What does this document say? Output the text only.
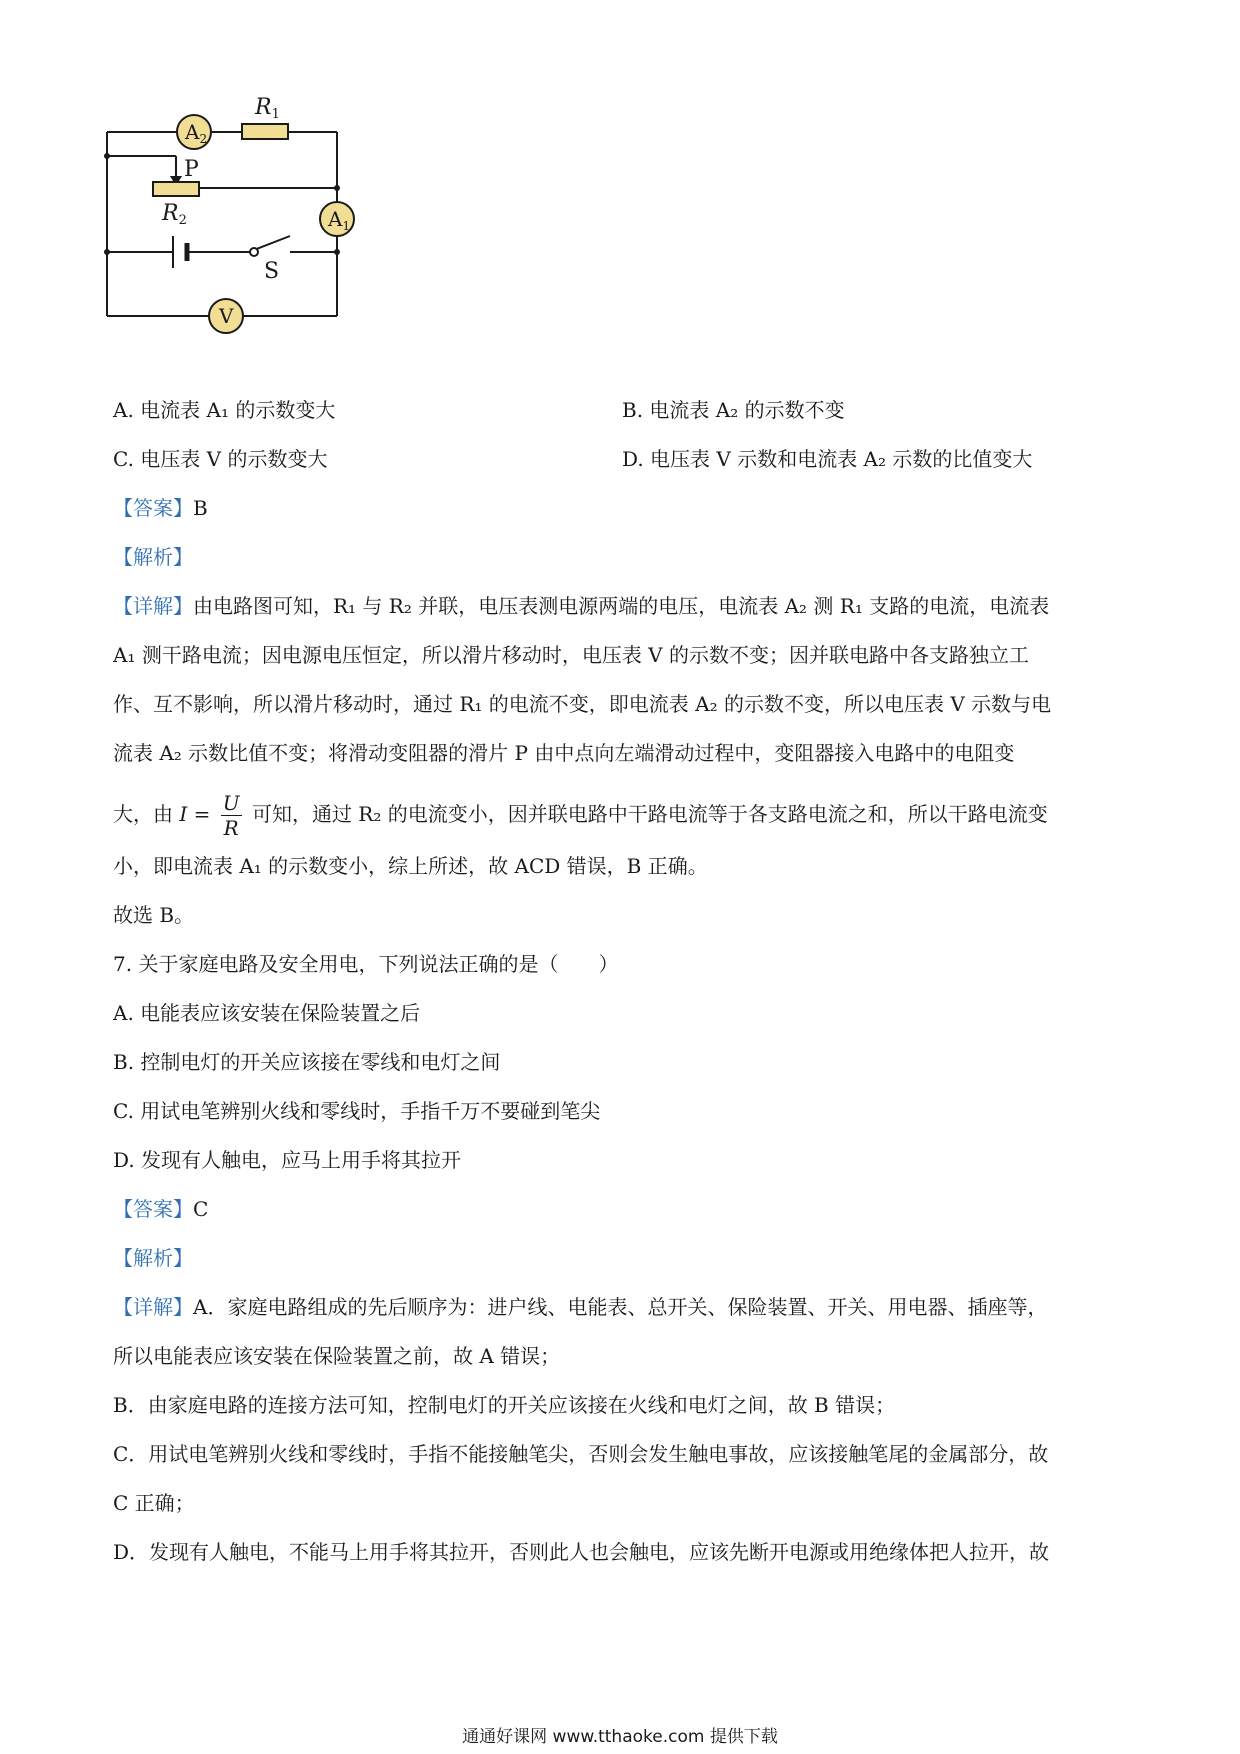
$A_2$
$A_1$
V
R1
R2
P
S
A. 电流表 A₁ 的示数变大	B. 电流表 A₂ 的示数不变
C. 电压表 V 的示数变大	D. 电压表 V 示数和电流表 A₂ 示数的比值变大
【答案】B
【解析】
【详解】由电路图可知，R₁ 与 R₂ 并联，电压表测电源两端的电压，电流表 A₂ 测 R₁ 支路的电流，电流表
A₁ 测干路电流；因电源电压恒定，所以滑片移动时，电压表 V 的示数不变；因并联电路中各支路独立工
作、互不影响，所以滑片移动时，通过 R₁ 的电流不变，即电流表 A₂ 的示数不变，所以电压表 V 示数与电
流表 A₂ 示数比值不变；将滑动变阻器的滑片 P 由中点向左端滑动过程中，变阻器接入电路中的电阻变
大，由 $I = \frac{U}{R}$ 可知，通过 R₂ 的电流变小，因并联电路中干路电流等于各支路电流之和，所以干路电流变
小，即电流表 A₁ 的示数变小，综上所述，故 ACD 错误，B 正确。
故选 B。
7. 关于家庭电路及安全用电，下列说法正确的是（　　）
A. 电能表应该安装在保险装置之后
B. 控制电灯的开关应该接在零线和电灯之间
C. 用试电笔辨别火线和零线时，手指千万不要碰到笔尖
D. 发现有人触电，应马上用手将其拉开
【答案】C
【解析】
【详解】A．家庭电路组成的先后顺序为：进户线、电能表、总开关、保险装置、开关、用电器、插座等，
所以电能表应该安装在保险装置之前，故 A 错误；
B．由家庭电路的连接方法可知，控制电灯的开关应该接在火线和电灯之间，故 B 错误；
C．用试电笔辨别火线和零线时，手指不能接触笔尖，否则会发生触电事故，应该接触笔尾的金属部分，故
C 正确；
D．发现有人触电，不能马上用手将其拉开，否则此人也会触电，应该先断开电源或用绝缘体把人拉开，故
通通好课网 www.tthaoke.com 提供下载
